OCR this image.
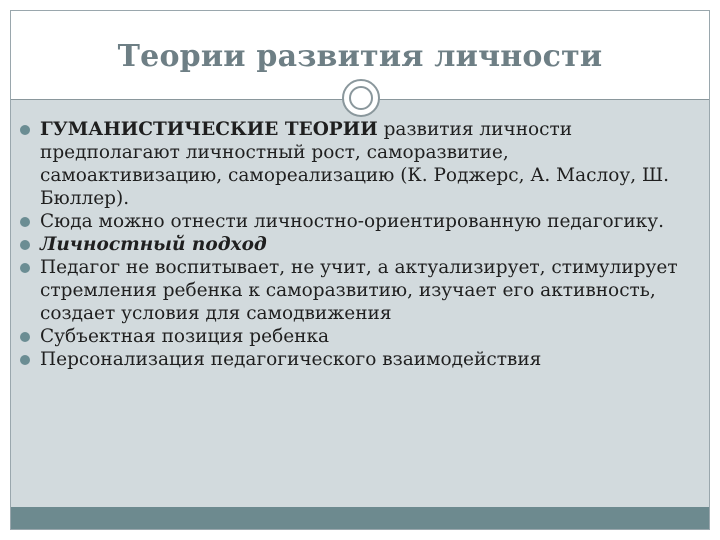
Теории развития личности
ГУМАНИСТИЧЕСКИЕ ТЕОРИИ развития личности предполагают личностный рост, саморазвитие, самоактивизацию, самореализацию (К. Роджерс, А. Маслоу, Ш. Бюллер).
Сюда можно отнести личностно-ориентированную педагогику.
Личностный подход
Педагог не воспитывает, не учит, а актуализирует, стимулирует стремления ребенка к саморазвитию, изучает его активность, создает условия для самодвижения
Субъектная позиция ребенка
Персонализация педагогического взаимодействия
